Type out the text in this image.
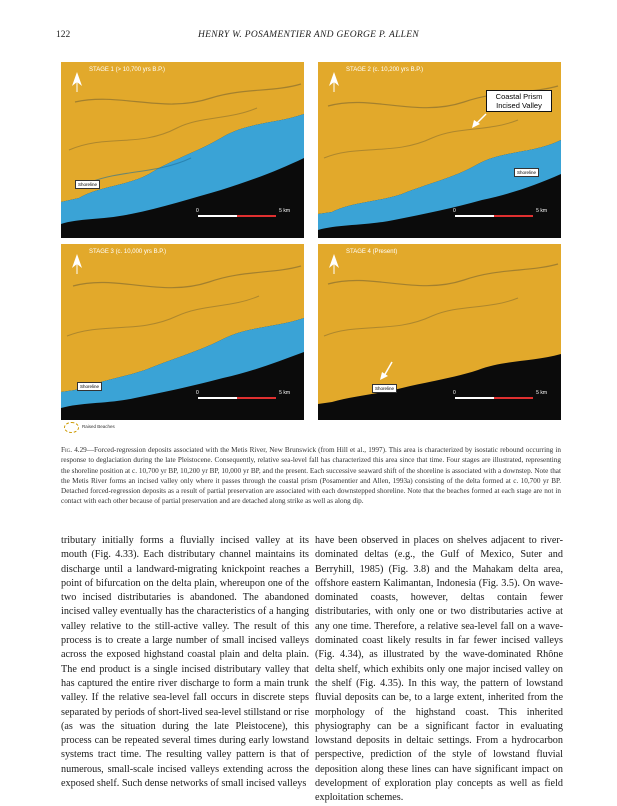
122	HENRY W. POSAMENTIER AND GEORGE P. ALLEN
STAGE 1 (> 10,700 yrs B.P.)
Shoreline
0	5 km
STAGE 2 (c. 10,200 yrs B.P.)
Coastal Prism
Incised Valley
Shoreline
0	5 km
STAGE 3 (c. 10,000 yrs B.P.)
Shoreline
0	5 km
STAGE 4 (Present)
Shoreline
0	5 km
Raised Beaches
Fig. 4.29—Forced-regression deposits associated with the Metis River, New Brunswick (from Hill et al., 1997). This area is characterized by isostatic rebound occurring in response to deglaciation during the late Pleistocene. Consequently, relative sea-level fall has characterized this area since that time. Four stages are illustrated, representing the shoreline position at c. 10,700 yr BP, 10,200 yr BP, 10,000 yr BP, and the present. Each successive seaward shift of the shoreline is associated with a downstep. Note that the Metis River forms an incised valley only where it passes through the coastal prism (Posamentier and Allen, 1993a) consisting of the delta formed at c. 10,700 yr BP. Detached forced-regression deposits as a result of partial preservation are associated with each downstepped shoreline. Note that the beaches formed at each stage are not in contact with each other because of partial preservation and are detached along strike as well as along dip.
tributary initially forms a fluvially incised valley at its mouth (Fig. 4.33). Each distributary channel maintains its discharge until a landward-migrating knickpoint reaches a point of bifurcation on the delta plain, whereupon one of the two incised distributaries is abandoned. The abandoned incised valley eventually has the characteristics of a hanging valley relative to the still-active valley. The result of this process is to create a large number of small incised valleys across the exposed highstand coastal plain and delta plain. The end product is a single incised distributary valley that has captured the entire river discharge to form a main trunk valley. If the relative sea-level fall occurs in discrete steps separated by periods of short-lived sea-level stillstand or rise (as was the situation during the late Pleistocene), this process can be repeated several times during early lowstand systems tract time. The resulting valley pattern is that of numerous, small-scale incised valleys extending across the exposed shelf. Such dense networks of small incised valleys
have been observed in places on shelves adjacent to river-dominated deltas (e.g., the Gulf of Mexico, Suter and Berryhill, 1985) (Fig. 3.8) and the Mahakam delta area, offshore eastern Kalimantan, Indonesia (Fig. 3.5). On wave-dominated coasts, however, deltas contain fewer distributaries, with only one or two distributaries active at any one time. Therefore, a relative sea-level fall on a wave-dominated coast likely results in far fewer incised valleys (Fig. 4.34), as illustrated by the wave-dominated Rhône delta shelf, which exhibits only one major incised valley on the shelf (Fig. 4.35). In this way, the pattern of lowstand fluvial deposits can be, to a large extent, inherited from the morphology of the highstand coast. This inherited physiography can be a significant factor in evaluating lowstand deposits in deltaic settings. From a hydrocarbon perspective, prediction of the style of lowstand fluvial deposition along these lines can have significant impact on development of exploration play concepts as well as field exploitation schemes.
